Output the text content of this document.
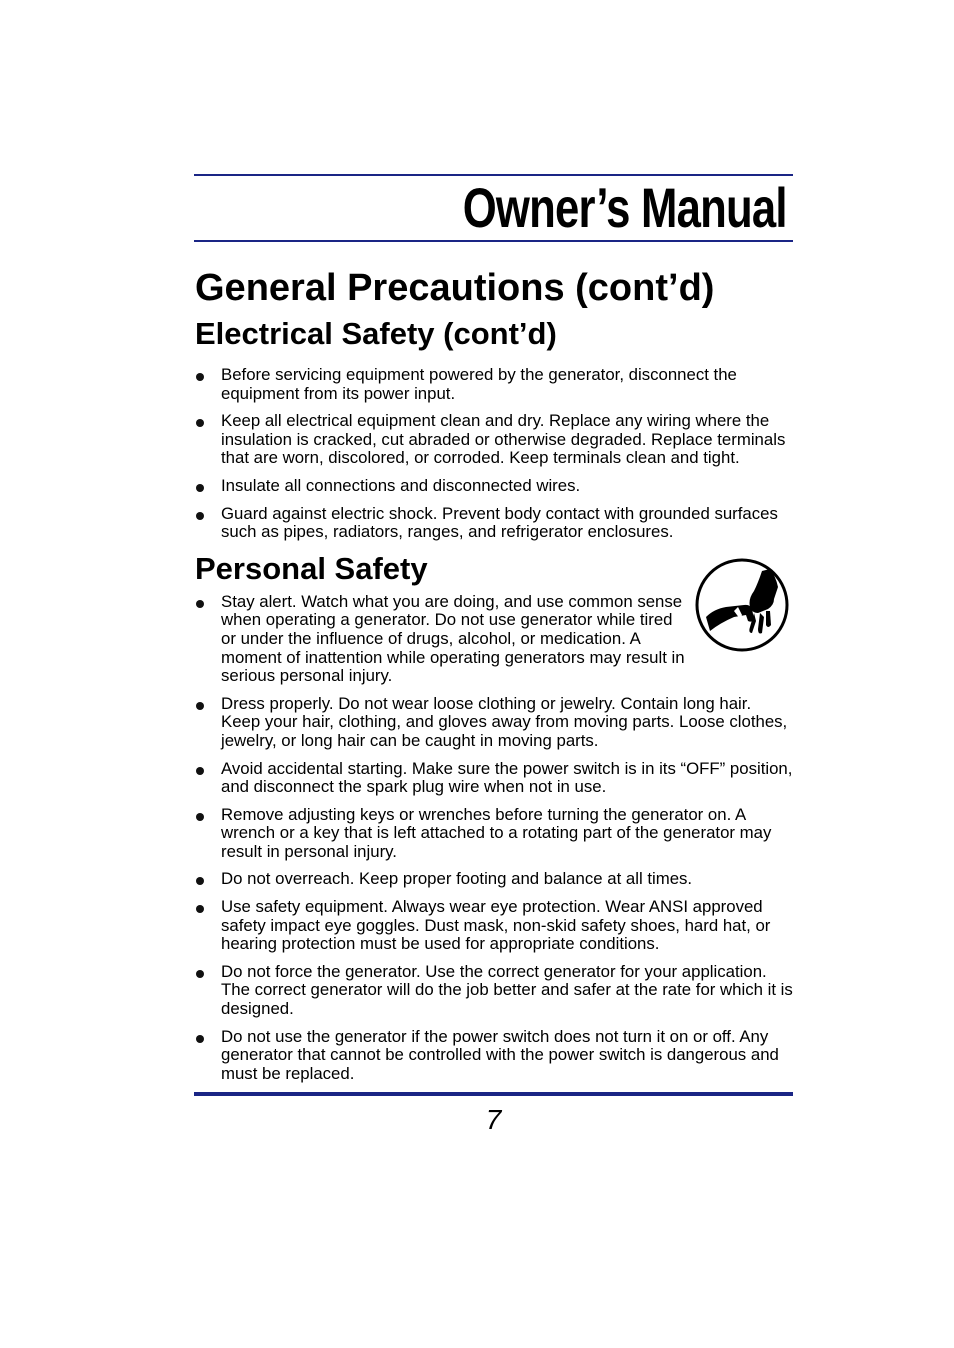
Owner’s Manual
General Precautions (cont’d)
Electrical Safety (cont’d)
Before servicing equipment powered by the generator, disconnect the equipment from its power input.
Keep all electrical equipment clean and dry. Replace any wiring where the insulation is cracked, cut abraded or otherwise degraded. Replace terminals that are worn, discolored, or corroded. Keep terminals clean and tight.
Insulate all connections and disconnected wires.
Guard against electric shock. Prevent body contact with grounded surfaces such as pipes, radiators, ranges, and refrigerator enclosures.
Personal Safety
Stay alert. Watch what you are doing, and use common sense when operating a generator. Do not use generator while tired or under the influence of drugs, alcohol, or medication. A moment of inattention while operating generators may result in serious personal injury.
Dress properly. Do not wear loose clothing or jewelry. Contain long hair. Keep your hair, clothing, and gloves away from moving parts. Loose clothes, jewelry, or long hair can be caught in moving parts.
Avoid accidental starting. Make sure the power switch is in its “OFF” position, and disconnect the spark plug wire when not in use.
Remove adjusting keys or wrenches before turning the generator on. A wrench or a key that is left attached to a rotating part of the generator may result in personal injury.
Do not overreach. Keep proper footing and balance at all times.
Use safety equipment. Always wear eye protection. Wear ANSI approved safety impact eye goggles. Dust mask, non-skid safety shoes, hard hat, or hearing protection must be used for appropriate conditions.
Do not force the generator. Use the correct generator for your application. The correct generator will do the job better and safer at the rate for which it is designed.
Do not use the generator if the power switch does not turn it on or off. Any generator that cannot be controlled with the power switch is dangerous and must be replaced.
7
